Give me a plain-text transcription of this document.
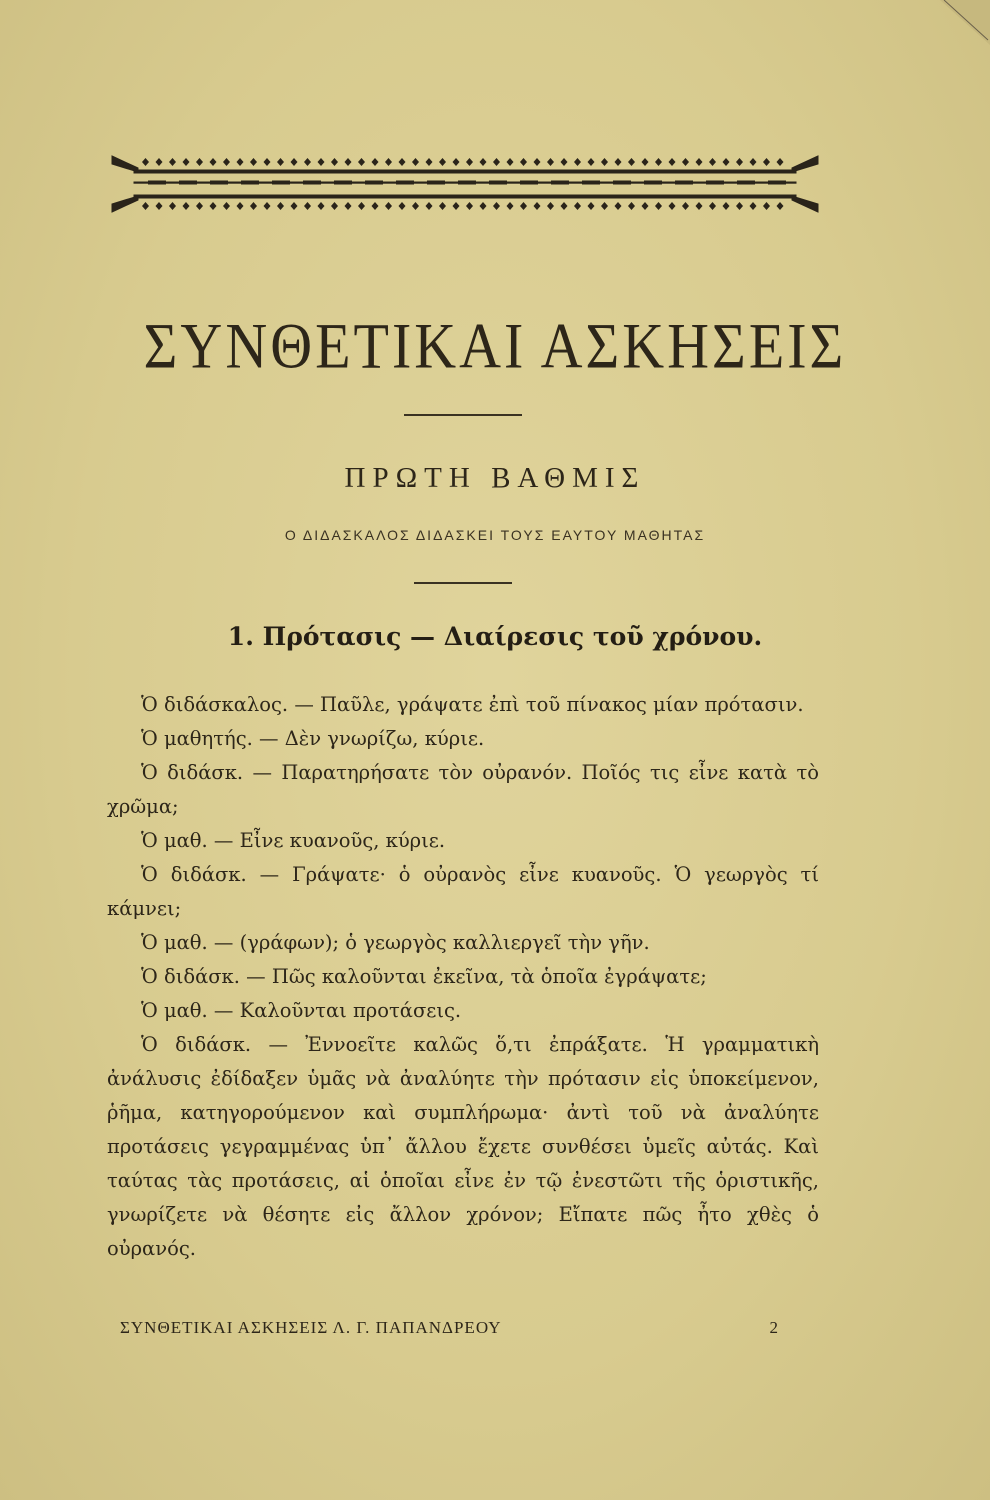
ΣΥΝΘΕΤΙΚΑΙ ΑΣΚΗΣΕΙΣ
ΠΡΩΤΗ ΒΑΘΜΙΣ
Ο ΔΙΔΑΣΚΑΛΟΣ ΔΙΔΑΣΚΕΙ ΤΟΥΣ ΕΑΥΤΟΥ ΜΑΘΗΤΑΣ
1. Πρότασις — Διαίρεσις τοῦ χρόνου.

Ὁ διδάσκαλος. — Παῦλε, γράψατε ἐπὶ τοῦ πίνακος μίαν πρότασιν.

Ὁ μαθητής. — Δὲν γνωρίζω, κύριε.

Ὁ διδάσκ. — Παρατηρήσατε τὸν οὐρανόν. Ποῖός τις εἶνε κατὰ τὸ χρῶμα;

Ὁ μαθ. — Εἶνε κυανοῦς, κύριε.

Ὁ διδάσκ. — Γράψατε· ὁ οὐρανὸς εἶνε κυανοῦς. Ὁ γεωργὸς τί κάμνει;

Ὁ μαθ. — (γράφων); ὁ γεωργὸς καλλιεργεῖ τὴν γῆν.

Ὁ διδάσκ. — Πῶς καλοῦνται ἐκεῖνα, τὰ ὁποῖα ἐγράψατε;

Ὁ μαθ. — Καλοῦνται προτάσεις.

Ὁ διδάσκ. — Ἐννοεῖτε καλῶς ὅ,τι ἐπράξατε. Ἡ γραμματικὴ ἀνάλυσις ἐδίδαξεν ὑμᾶς νὰ ἀναλύητε τὴν πρότασιν εἰς ὑποκείμενον, ῥῆμα, κατηγορούμενον καὶ συμπλήρωμα· ἀντὶ τοῦ νὰ ἀναλύητε προτάσεις γεγραμμένας ὑπ᾽ ἄλλου ἔχετε συνθέσει ὑμεῖς αὐτάς. Καὶ ταύτας τὰς προτάσεις, αἱ ὁποῖαι εἶνε ἐν τῷ ἐνεστῶτι τῆς ὁριστικῆς, γνωρίζετε νὰ θέσητε εἰς ἄλλον χρόνον; Εἴπατε πῶς ἦτο χθὲς ὁ οὐρανός.

ΣΥΝΘΕΤΙΚΑΙ ΑΣΚΗΣΕΙΣ Λ. Γ. ΠΑΠΑΝΔΡΕΟΥ	2
